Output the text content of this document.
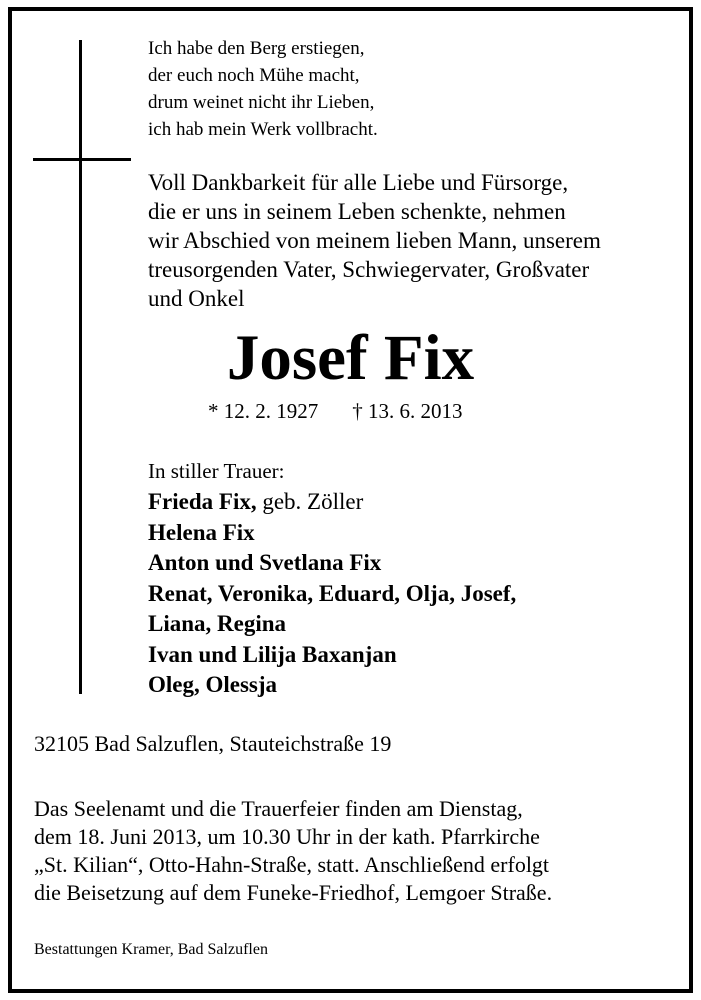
Ich habe den Berg erstiegen,
der euch noch Mühe macht,
drum weinet nicht ihr Lieben,
ich hab mein Werk vollbracht.
Voll Dankbarkeit für alle Liebe und Fürsorge,
die er uns in seinem Leben schenkte, nehmen
wir Abschied von meinem lieben Mann, unserem
treusorgenden Vater, Schwiegervater, Großvater
und Onkel
Josef Fix
* 12. 2. 1927 † 13. 6. 2013
In stiller Trauer:
Frieda Fix, geb. Zöller
Helena Fix
Anton und Svetlana Fix
Renat, Veronika, Eduard, Olja, Josef,
Liana, Regina
Ivan und Lilija Baxanjan
Oleg, Olessja
32105 Bad Salzuflen, Stauteichstraße 19
Das Seelenamt und die Trauerfeier finden am Dienstag,
dem 18. Juni 2013, um 10.30 Uhr in der kath. Pfarrkirche
„St. Kilian“, Otto-Hahn-Straße, statt. Anschließend erfolgt
die Beisetzung auf dem Funeke-Friedhof, Lemgoer Straße.
Bestattungen Kramer, Bad Salzuflen
